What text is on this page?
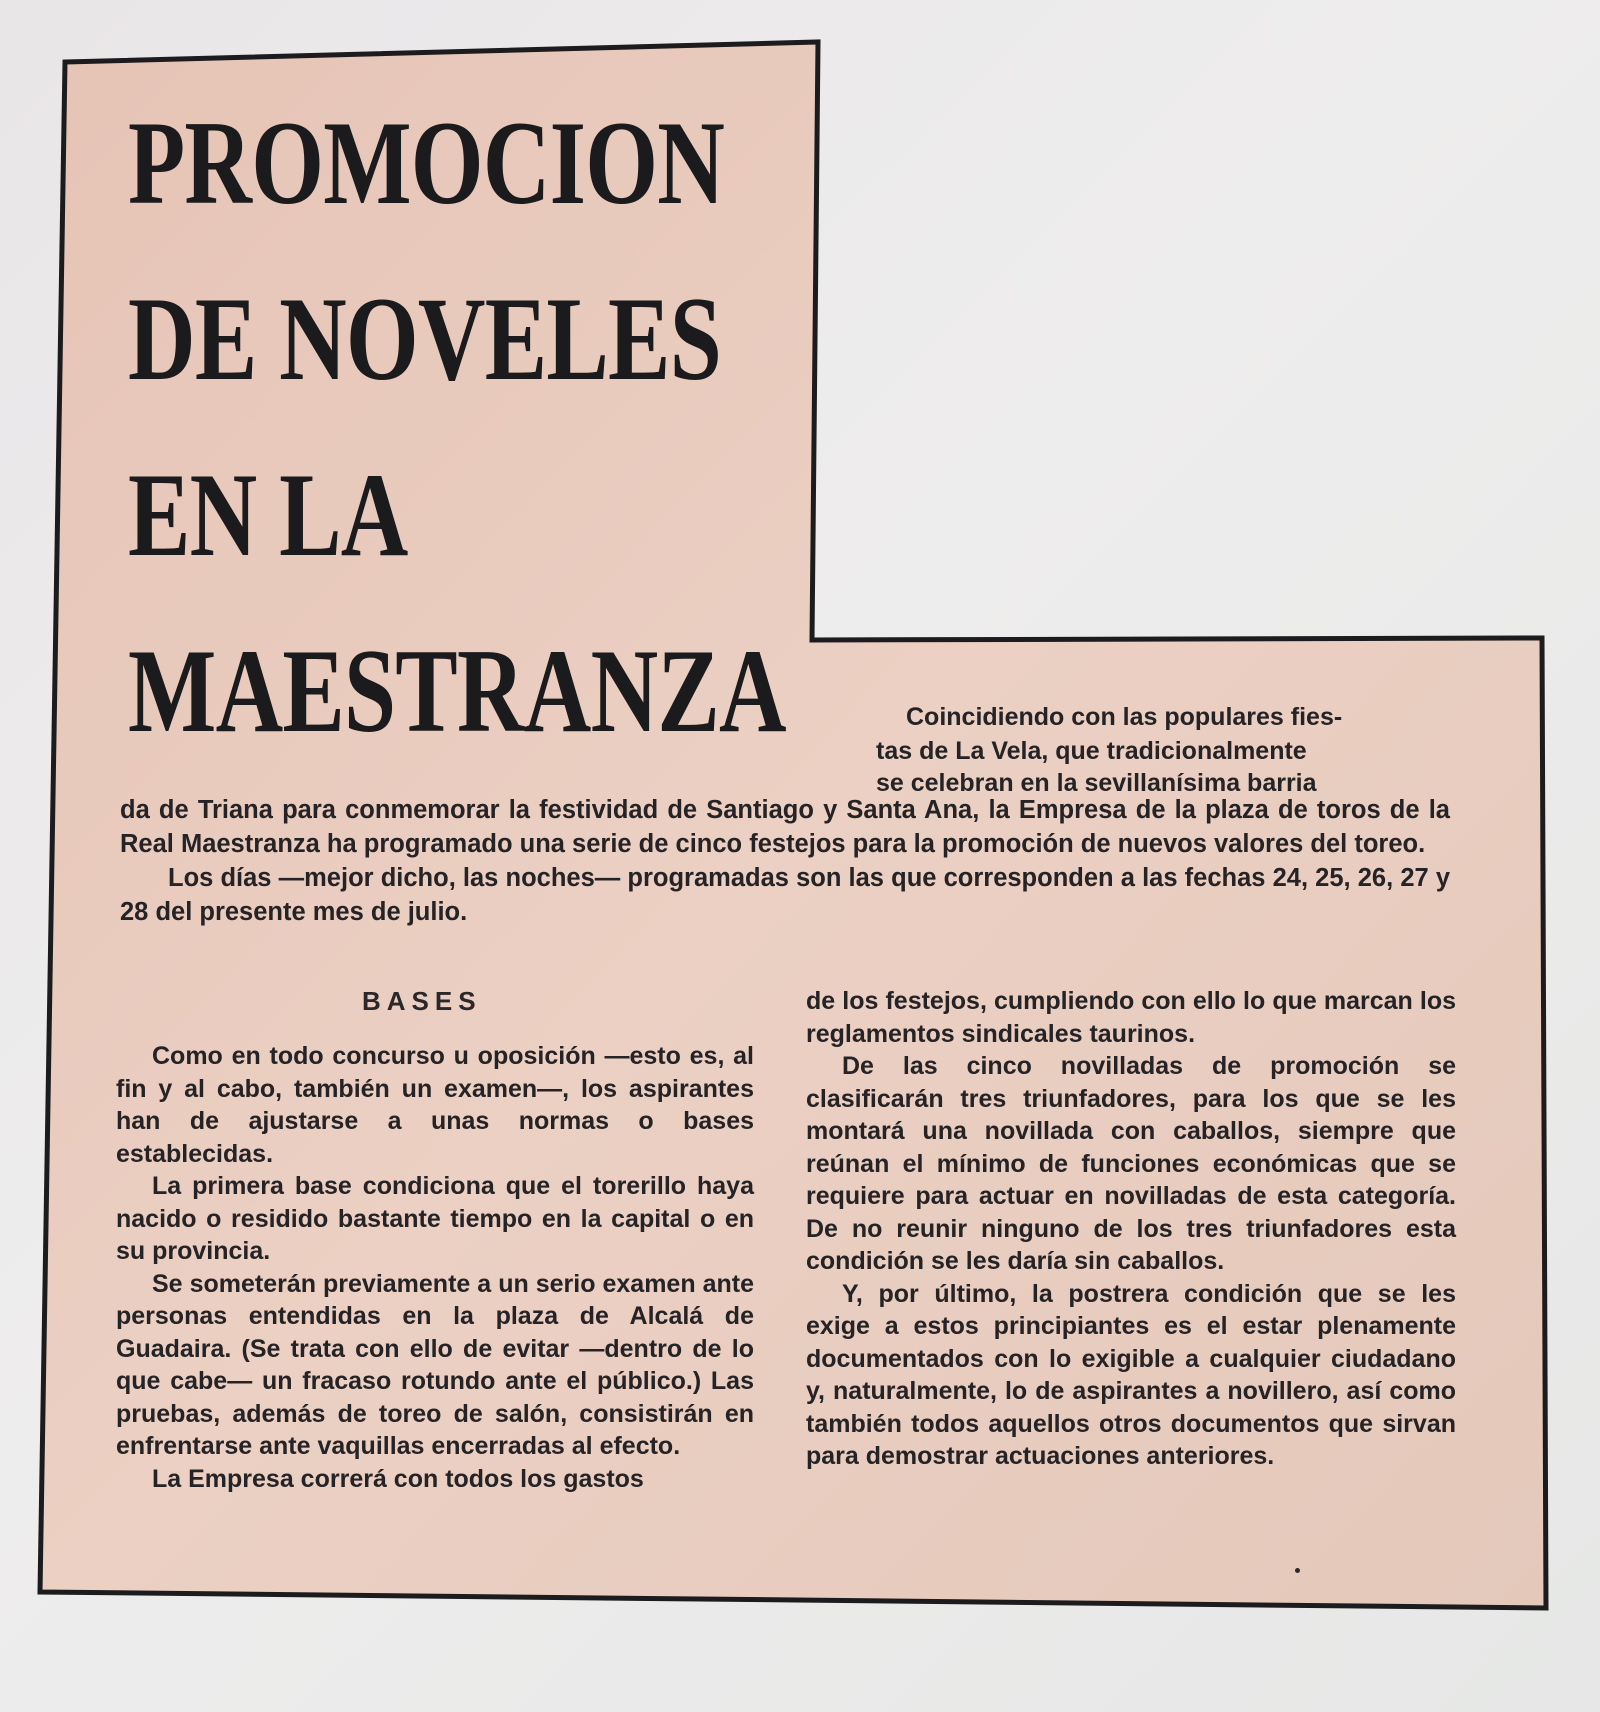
PROMOCION
DE NOVELES
EN LA
MAESTRANZA	Coincidiendo con las populares fies-
tas de La Vela, que tradicionalmente
se celebran en la sevillanísima barria

da de Triana para conmemorar la festividad de Santiago y Santa Ana, la Empresa de la plaza de toros de la Real Maestranza ha programado una serie de cinco festejos para la promoción de nuevos valores del toreo.

Los días —mejor dicho, las noches— programadas son las que corresponden a las fechas 24, 25, 26, 27 y 28 del presente mes de julio.

BASES

Como en todo concurso u oposición —esto es, al fin y al cabo, también un examen—, los aspirantes han de ajustarse a unas normas o bases establecidas.

La primera base condiciona que el torerillo haya nacido o residido bastante tiempo en la capital o en su provincia.

Se someterán previamente a un serio examen ante personas entendidas en la plaza de Alcalá de Guadaira. (Se trata con ello de evitar —dentro de lo que cabe— un fracaso rotundo ante el público.) Las pruebas, además de toreo de salón, consistirán en enfrentarse ante vaquillas encerradas al efecto.

La Empresa correrá con todos los gastos

de los festejos, cumpliendo con ello lo que marcan los reglamentos sindicales taurinos.

De las cinco novilladas de promoción se clasificarán tres triunfadores, para los que se les montará una novillada con caballos, siempre que reúnan el mínimo de funciones económicas que se requiere para actuar en novilladas de esta categoría. De no reunir ninguno de los tres triunfadores esta condición se les daría sin caballos.

Y, por último, la postrera condición que se les exige a estos principiantes es el estar plenamente documentados con lo exigible a cualquier ciudadano y, naturalmente, lo de aspirantes a novillero, así como también todos aquellos otros documentos que sirvan para demostrar actuaciones anteriores.
